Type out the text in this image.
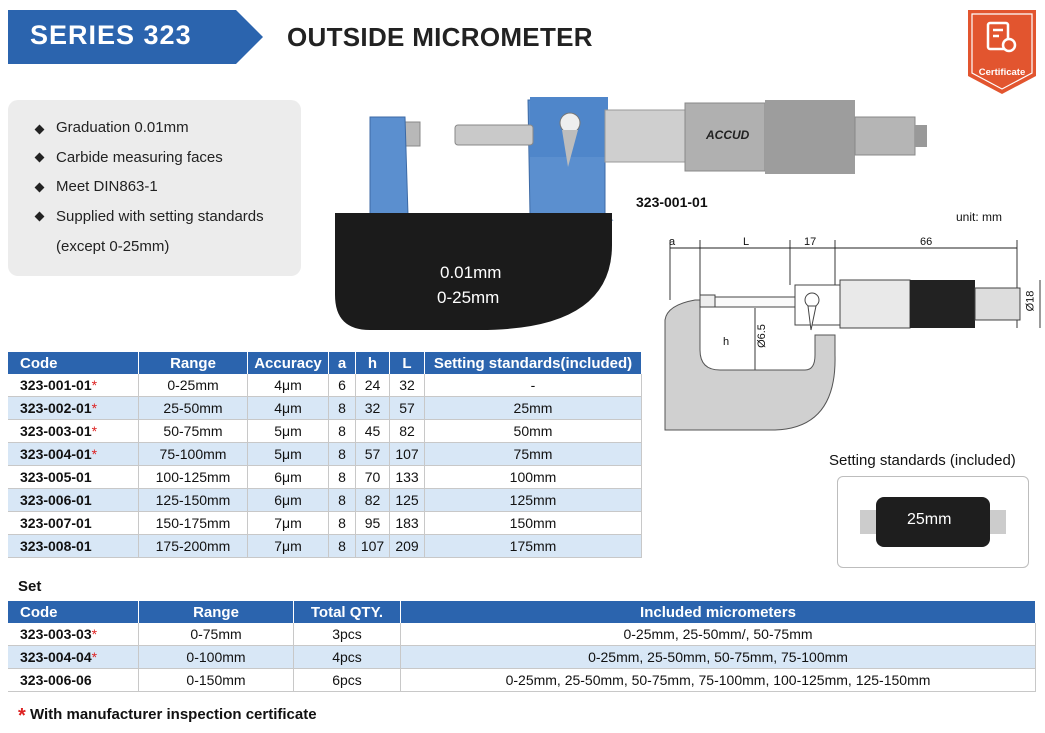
SERIES 323	OUTSIDE MICROMETER
Certificate
Graduation 0.01mm
Carbide measuring faces
Meet DIN863-1
Supplied with setting standards
(except 0-25mm)
0.01mm
0-25mm
ACCUD
323-001-01
unit: mm
a	L	17	66
h Ø6.5
Ø18
Setting standards (included)
25mm
Code	Range	Accuracy	a	h	L	Setting standards(included)
323-001-01*	0-25mm	4μm	6	24	32	-
323-002-01*	25-50mm	4μm	8	32	57	25mm
323-003-01*	50-75mm	5μm	8	45	82	50mm
323-004-01*	75-100mm	5μm	8	57	107	75mm
323-005-01	100-125mm	6μm	8	70	133	100mm
323-006-01	125-150mm	6μm	8	82	125	125mm
323-007-01	150-175mm	7μm	8	95	183	150mm
323-008-01	175-200mm	7μm	8	107	209	175mm
Set
Code	Range	Total QTY.	Included micrometers
323-003-03*	0-75mm	3pcs	0-25mm, 25-50mm/, 50-75mm
323-004-04*	0-100mm	4pcs	0-25mm, 25-50mm, 50-75mm, 75-100mm
323-006-06	0-150mm	6pcs	0-25mm, 25-50mm, 50-75mm, 75-100mm, 100-125mm, 125-150mm
* With manufacturer inspection certificate
